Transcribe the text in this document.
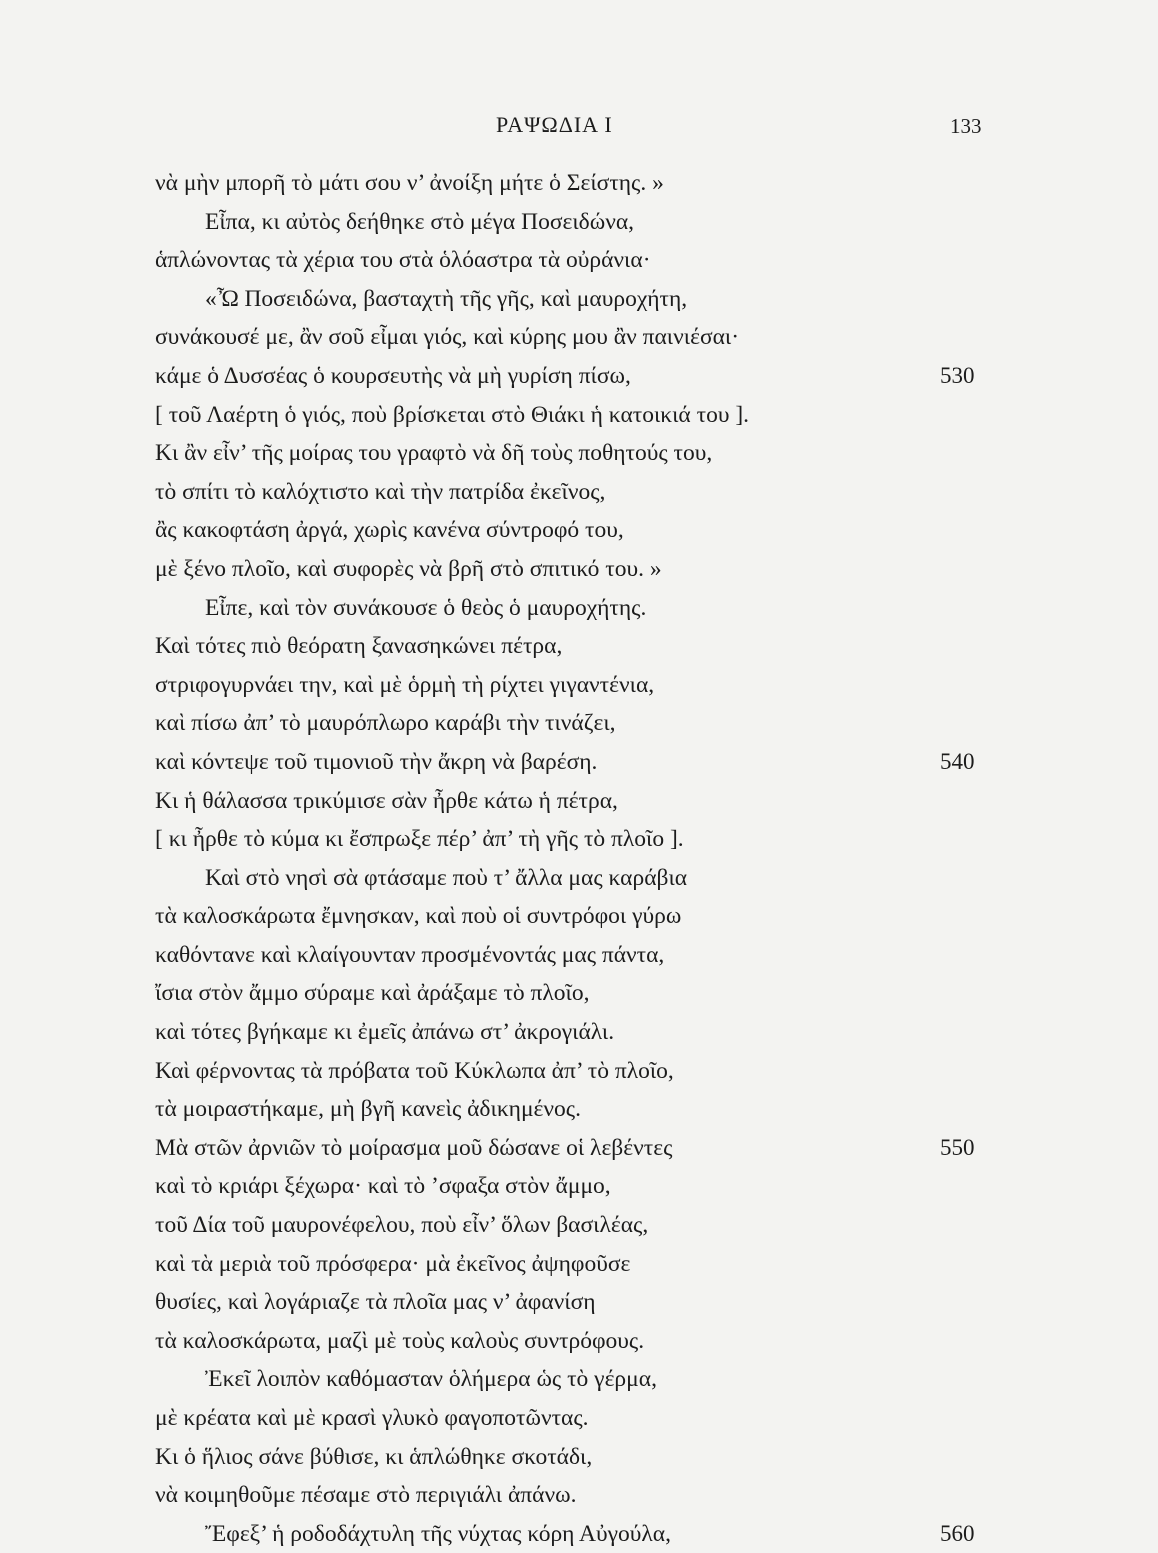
ΡΑΨΩΔΙΑ Ι	133
νὰ μὴν μπορῆ τὸ μάτι σου ν’ ἀνοίξη μήτε ὁ Σείστης. »
Εἶπα, κι αὐτὸς δεήθηκε στὸ μέγα Ποσειδώνα,
ἁπλώνοντας τὰ χέρια του στὰ ὁλόαστρα τὰ οὐράνια·
«Ὦ Ποσειδώνα, βασταχτὴ τῆς γῆς, καὶ μαυροχήτη,
συνάκουσέ με, ἂν σοῦ εἶμαι γιός, καὶ κύρης μου ἂν παινιέσαι·
κάμε ὁ Δυσσέας ὁ κουρσευτὴς νὰ μὴ γυρίση πίσω,	530
[ τοῦ Λαέρτη ὁ γιός, ποὺ βρίσκεται στὸ Θιάκι ἡ κατοικιά του ].
Κι ἂν εἶν’ τῆς μοίρας του γραφτὸ νὰ δῆ τοὺς ποθητούς του,
τὸ σπίτι τὸ καλόχτιστο καὶ τὴν πατρίδα ἐκεῖνος,
ἂς κακοφτάση ἀργά, χωρὶς κανένα σύντροφό του,
μὲ ξένο πλοῖο, καὶ συφορὲς νὰ βρῆ στὸ σπιτικό του. »
Εἶπε, καὶ τὸν συνάκουσε ὁ θεὸς ὁ μαυροχήτης.
Καὶ τότες πιὸ θεόρατη ξανασηκώνει πέτρα,
στριφογυρνάει την, καὶ μὲ ὁρμὴ τὴ ρίχτει γιγαντένια,
καὶ πίσω ἀπ’ τὸ μαυρόπλωρο καράβι τὴν τινάζει,
καὶ κόντεψε τοῦ τιμονιοῦ τὴν ἄκρη νὰ βαρέση.	540
Κι ἡ θάλασσα τρικύμισε σὰν ἦρθε κάτω ἡ πέτρα,
[ κι ἦρθε τὸ κύμα κι ἔσπρωξε πέρ’ ἀπ’ τὴ γῆς τὸ πλοῖο ].
Καὶ στὸ νησὶ σὰ φτάσαμε ποὺ τ’ ἄλλα μας καράβια
τὰ καλοσκάρωτα ἔμνησκαν, καὶ ποὺ οἱ συντρόφοι γύρω
καθόντανε καὶ κλαίγουνταν προσμένοντάς μας πάντα,
ἴσια στὸν ἄμμο σύραμε καὶ ἀράξαμε τὸ πλοῖο,
καὶ τότες βγήκαμε κι ἐμεῖς ἀπάνω στ’ ἀκρογιάλι.
Καὶ φέρνοντας τὰ πρόβατα τοῦ Κύκλωπα ἀπ’ τὸ πλοῖο,
τὰ μοιραστήκαμε, μὴ βγῆ κανεὶς ἀδικημένος.
Μὰ στῶν ἀρνιῶν τὸ μοίρασμα μοῦ δώσανε οἱ λεβέντες	550
καὶ τὸ κριάρι ξέχωρα· καὶ τὸ ’σφαξα στὸν ἄμμο,
τοῦ Δία τοῦ μαυρονέφελου, ποὺ εἶν’ ὅλων βασιλέας,
καὶ τὰ μεριὰ τοῦ πρόσφερα· μὰ ἐκεῖνος ἀψηφοῦσε
θυσίες, καὶ λογάριαζε τὰ πλοῖα μας ν’ ἀφανίση
τὰ καλοσκάρωτα, μαζὶ μὲ τοὺς καλοὺς συντρόφους.
Ἐκεῖ λοιπὸν καθόμασταν ὁλήμερα ὡς τὸ γέρμα,
μὲ κρέατα καὶ μὲ κρασὶ γλυκὸ φαγοποτῶντας.
Κι ὁ ἥλιος σάνε βύθισε, κι ἁπλώθηκε σκοτάδι,
νὰ κοιμηθοῦμε πέσαμε στὸ περιγιάλι ἀπάνω.
Ἔφεξ’ ἡ ροδοδάχτυλη τῆς νύχτας κόρη Αὐγούλα,	560
